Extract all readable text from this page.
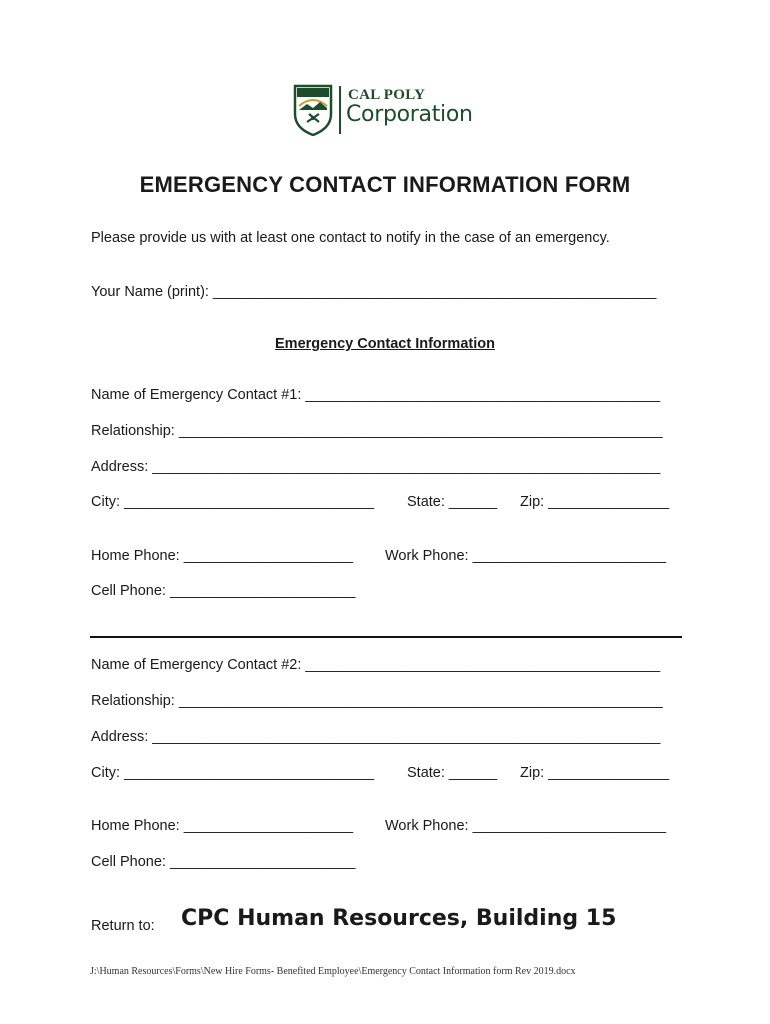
CAL POLY
Corporation
EMERGENCY CONTACT INFORMATION FORM
Please provide us with at least one contact to notify in the case of an emergency.
Your Name (print): _______________________________________________________
Emergency Contact Information
Name of Emergency Contact #1: ____________________________________________
Relationship: ____________________________________________________________
Address: _______________________________________________________________
City: _______________________________ State: ______ Zip: _______________
Home Phone: _____________________ Work Phone: ________________________
Cell Phone: _______________________
Name of Emergency Contact #2: ____________________________________________
Relationship: ____________________________________________________________
Address: _______________________________________________________________
City: _______________________________ State: ______ Zip: _______________
Home Phone: _____________________ Work Phone: ________________________
Cell Phone: _______________________
Return to: CPC Human Resources, Building 15
J:\Human Resources\Forms\New Hire Forms- Benefited Employee\Emergency Contact Information form Rev 2019.docx
